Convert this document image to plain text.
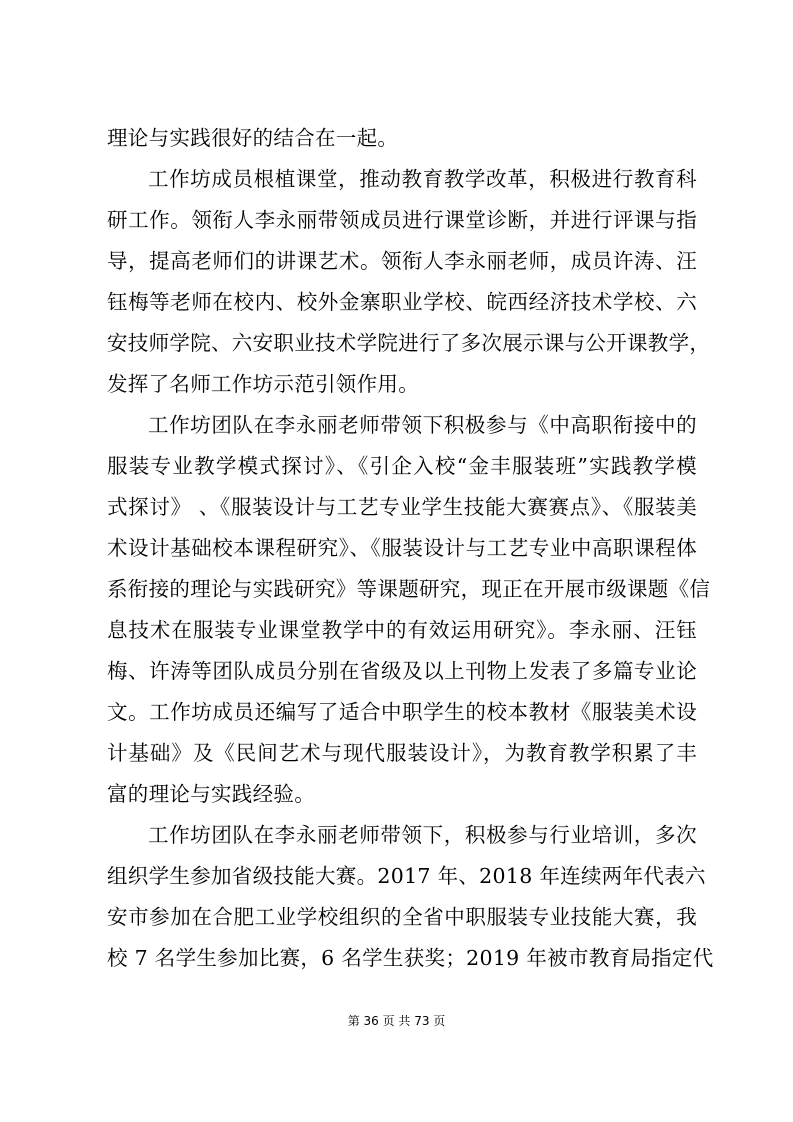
理论与实践很好的结合在一起。
工作坊成员根植课堂，推动教育教学改革，积极进行教育科
研工作。领衔人李永丽带领成员进行课堂诊断，并进行评课与指
导，提高老师们的讲课艺术。领衔人李永丽老师，成员许涛、汪
钰梅等老师在校内、校外金寨职业学校、皖西经济技术学校、六
安技师学院、六安职业技术学院进行了多次展示课与公开课教学，
发挥了名师工作坊示范引领作用。
工作坊团队在李永丽老师带领下积极参与《中高职衔接中的
服装专业教学模式探讨》、《引企入校“金丰服装班”实践教学模
式探讨》 、《服装设计与工艺专业学生技能大赛赛点》、《服装美
术设计基础校本课程研究》、《服装设计与工艺专业中高职课程体
系衔接的理论与实践研究》等课题研究，现正在开展市级课题《信
息技术在服装专业课堂教学中的有效运用研究》。李永丽、汪钰
梅、许涛等团队成员分别在省级及以上刊物上发表了多篇专业论
文。工作坊成员还编写了适合中职学生的校本教材《服装美术设
计基础》及《民间艺术与现代服装设计》，为教育教学积累了丰
富的理论与实践经验。
工作坊团队在李永丽老师带领下，积极参与行业培训，多次
组织学生参加省级技能大赛。2017 年、2018 年连续两年代表六
安市参加在合肥工业学校组织的全省中职服装专业技能大赛，我
校 7 名学生参加比赛，6 名学生获奖；2019 年被市教育局指定代
第 36 页 共 73 页
